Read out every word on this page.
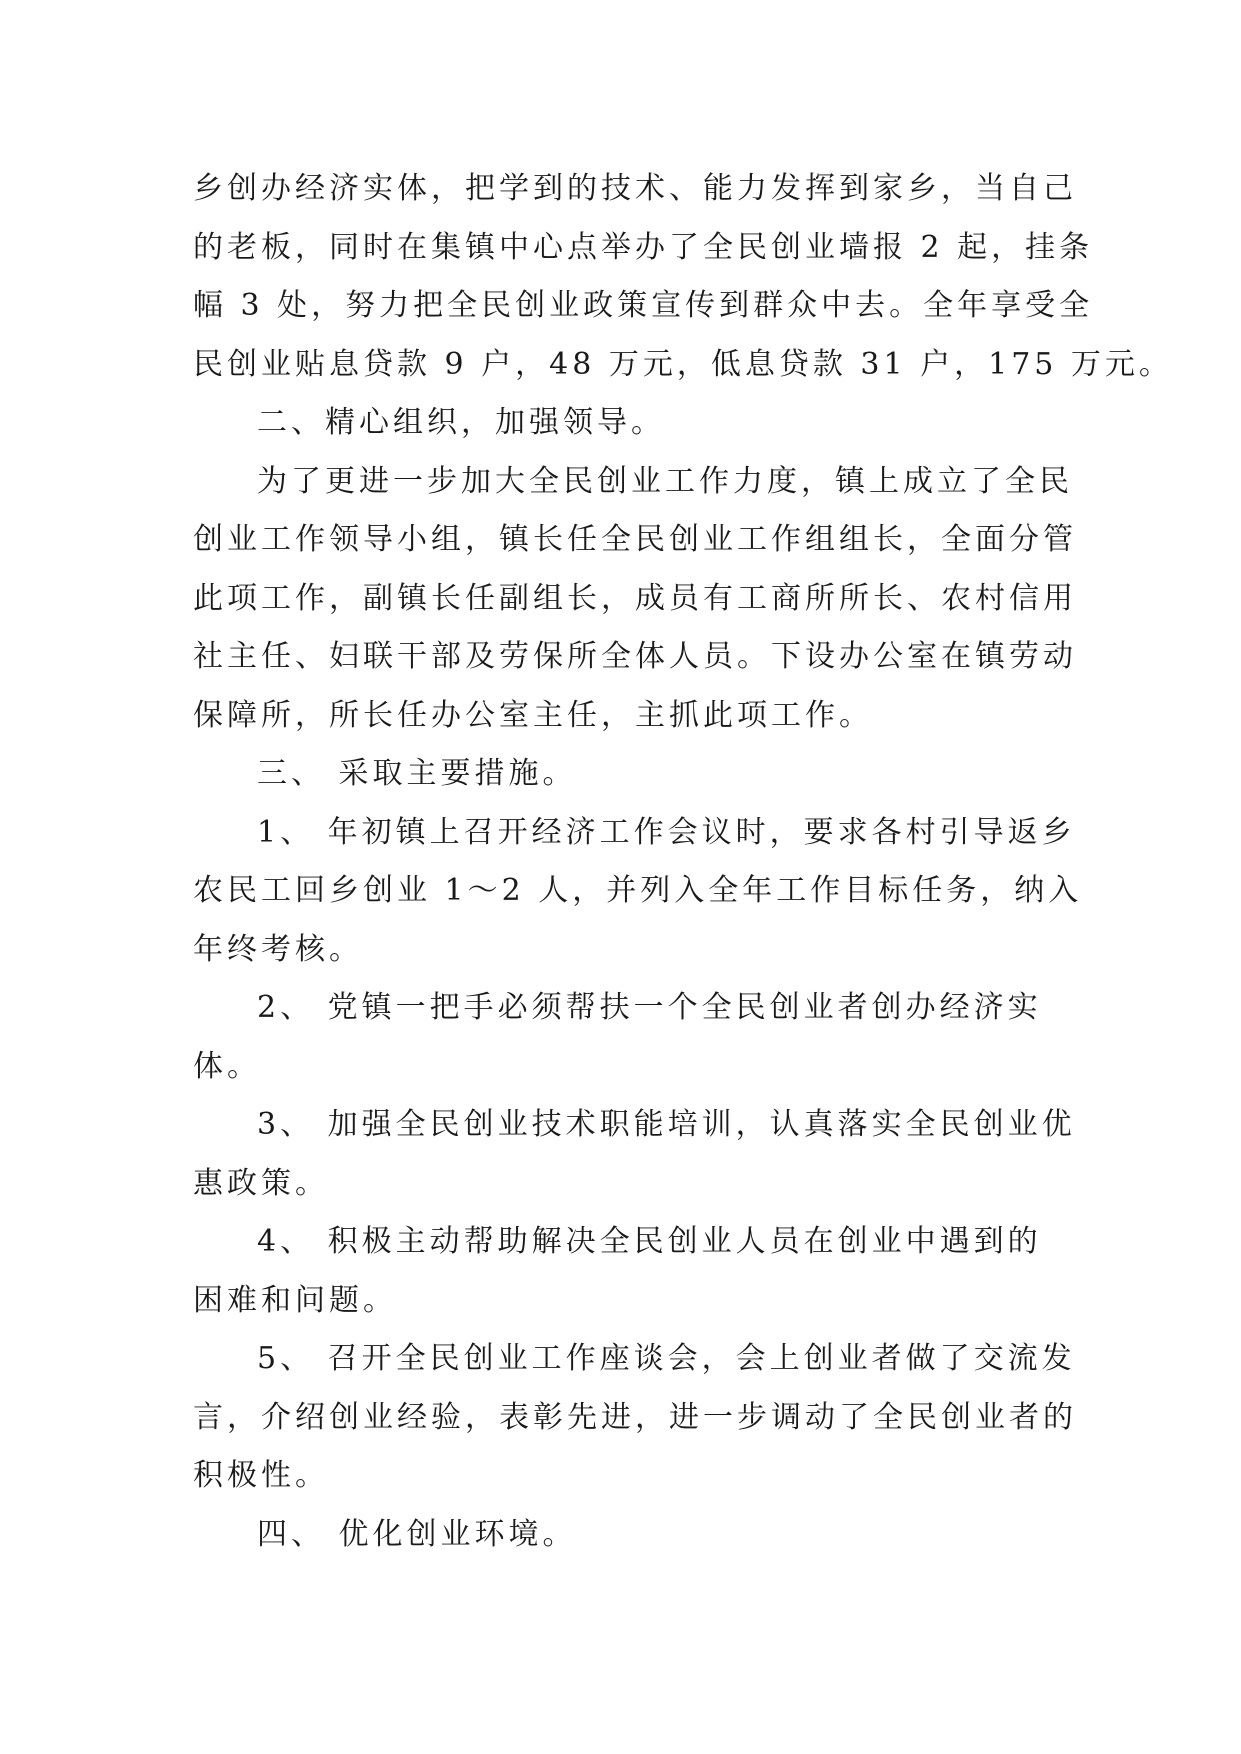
乡创办经济实体，把学到的技术、能力发挥到家乡，当自己

的老板，同时在集镇中心点举办了全民创业墙报 2 起，挂条

幅 3 处，努力把全民创业政策宣传到群众中去。全年享受全

民创业贴息贷款 9 户，48 万元，低息贷款 31 户，175 万元。

二、精心组织，加强领导。

为了更进一步加大全民创业工作力度，镇上成立了全民

创业工作领导小组，镇长任全民创业工作组组长，全面分管

此项工作，副镇长任副组长，成员有工商所所长、农村信用

社主任、妇联干部及劳保所全体人员。下设办公室在镇劳动

保障所，所长任办公室主任，主抓此项工作。

三、 采取主要措施。

1、 年初镇上召开经济工作会议时，要求各村引导返乡

农民工回乡创业 1～2 人，并列入全年工作目标任务，纳入

年终考核。

2、 党镇一把手必须帮扶一个全民创业者创办经济实

体。

3、 加强全民创业技术职能培训，认真落实全民创业优

惠政策。

4、 积极主动帮助解决全民创业人员在创业中遇到的

困难和问题。

5、 召开全民创业工作座谈会，会上创业者做了交流发

言，介绍创业经验，表彰先进，进一步调动了全民创业者的

积极性。

四、 优化创业环境。
